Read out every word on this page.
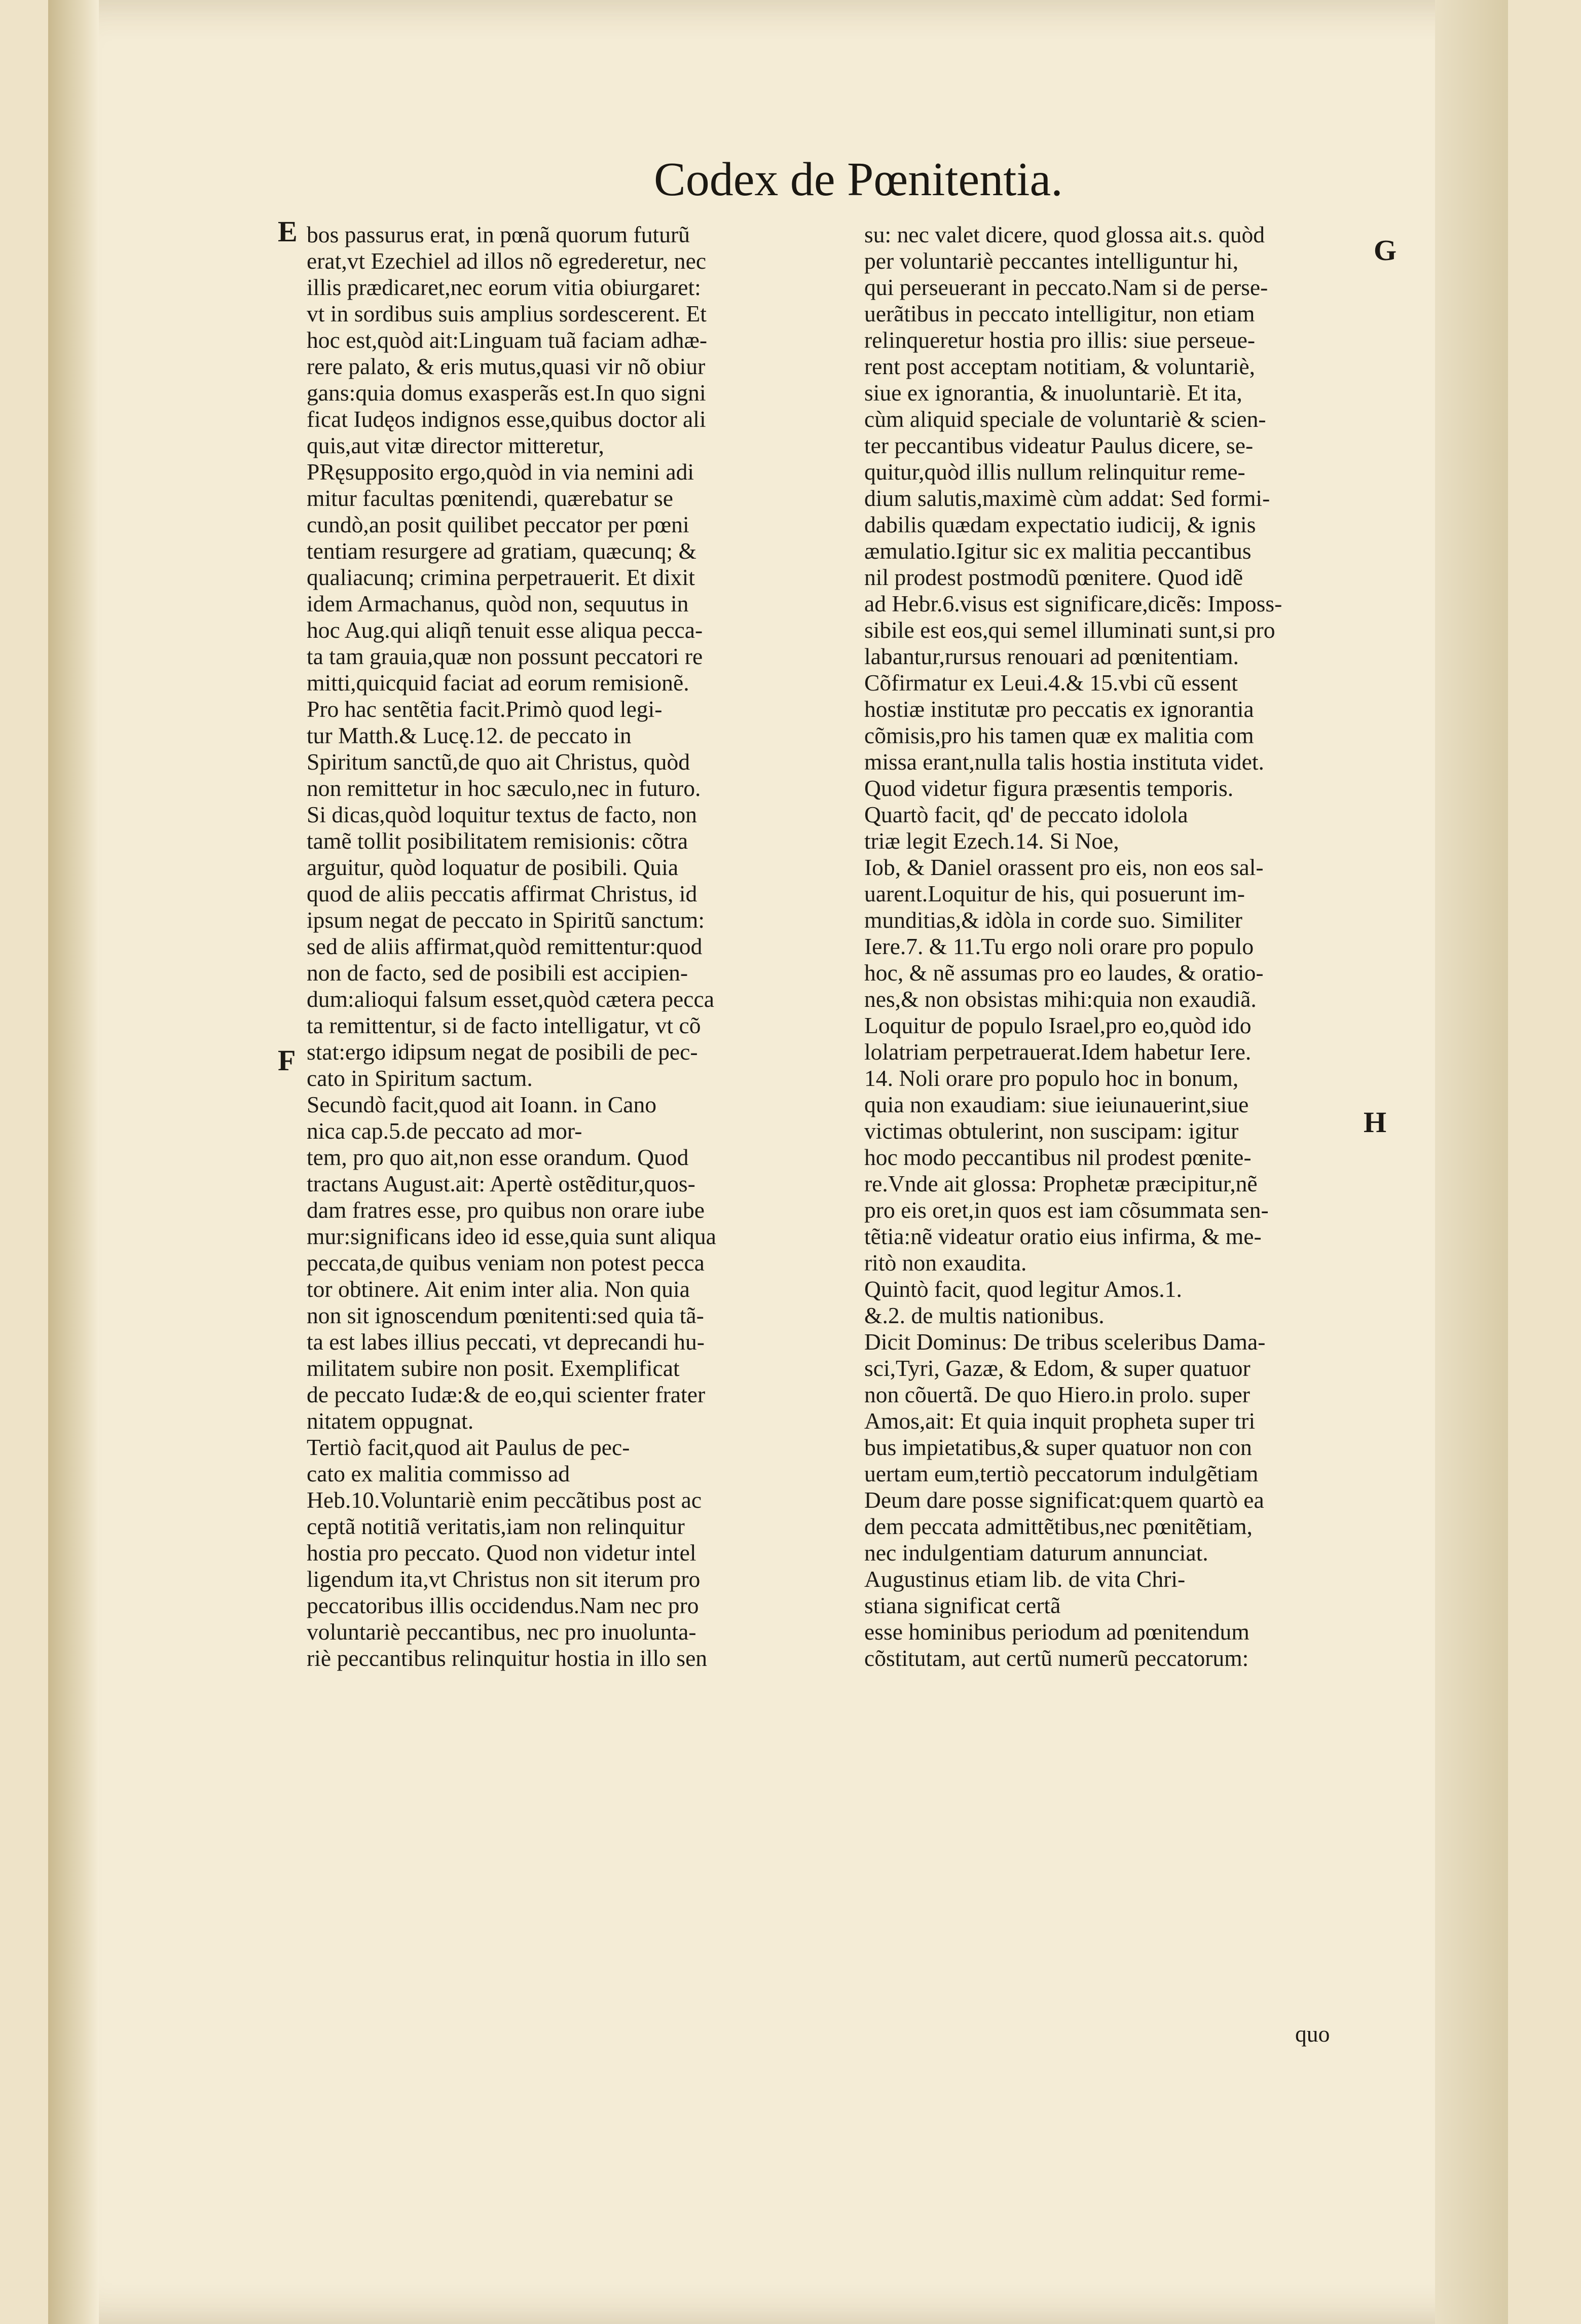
Codex de Pœnitentia.
E
F
G
H
bos passurus erat, in pœnã quorum futurũ
erat,vt Ezechiel ad illos nõ egrederetur, nec
illis prædicaret,nec eorum vitia obiurgaret:
vt in sordibus suis amplius sordescerent. Et
hoc est,quòd ait:Linguam tuã faciam adhæ-
rere palato, & eris mutus,quasi vir nõ obiur
gans:quia domus exasperãs est.In quo signi
ficat Iudęos indignos esse,quibus doctor ali
quis,aut vitæ director mitteretur,
PRęsupposito ergo,quòd in via nemini adi
mitur facultas pœnitendi, quærebatur se
cundò,an posit quilibet peccator per pœni
tentiam resurgere ad gratiam, quæcunq; &
qualiacunq; crimina perpetrauerit. Et dixit
idem Armachanus, quòd non, sequutus in
hoc Aug.qui aliqñ tenuit esse aliqua pecca-
ta tam grauia,quæ non possunt peccatori re
mitti,quicquid faciat ad eorum remisionẽ.
Pro hac sentẽtia facit.Primò quod legi-
tur Matth.& Lucę.12. de peccato in
Spiritum sanctũ,de quo ait Christus, quòd
non remittetur in hoc sæculo,nec in futuro.
Si dicas,quòd loquitur textus de facto, non
tamẽ tollit posibilitatem remisionis: cõtra
arguitur, quòd loquatur de posibili. Quia
quod de aliis peccatis affirmat Christus, id
ipsum negat de peccato in Spiritũ sanctum:
sed de aliis affirmat,quòd remittentur:quod
non de facto, sed de posibili est accipien-
dum:alioqui falsum esset,quòd cætera pecca
ta remittentur, si de facto intelligatur, vt cõ
stat:ergo idipsum negat de posibili de pec-
cato in Spiritum sactum.
Secundò facit,quod ait Ioann. in Cano
nica cap.5.de peccato ad mor-
tem, pro quo ait,non esse orandum. Quod
tractans August.ait: Apertè ostẽditur,quos-
dam fratres esse, pro quibus non orare iube
mur:significans ideo id esse,quia sunt aliqua
peccata,de quibus veniam non potest pecca
tor obtinere. Ait enim inter alia. Non quia
non sit ignoscendum pœnitenti:sed quia tã-
ta est labes illius peccati, vt deprecandi hu-
militatem subire non posit. Exemplificat
de peccato Iudæ:& de eo,qui scienter frater
nitatem oppugnat.
Tertiò facit,quod ait Paulus de pec-
cato ex malitia commisso ad
Heb.10.Voluntariè enim peccãtibus post ac
ceptã notitiã veritatis,iam non relinquitur
hostia pro peccato. Quod non videtur intel
ligendum ita,vt Christus non sit iterum pro
peccatoribus illis occidendus.Nam nec pro
voluntariè peccantibus, nec pro inuolunta-
riè peccantibus relinquitur hostia in illo sen
su: nec valet dicere, quod glossa ait.s. quòd
per voluntariè peccantes intelliguntur hi,
qui perseuerant in peccato.Nam si de perse-
uerãtibus in peccato intelligitur, non etiam
relinqueretur hostia pro illis: siue perseue-
rent post acceptam notitiam, & voluntariè,
siue ex ignorantia, & inuoluntariè. Et ita,
cùm aliquid speciale de voluntariè & scien-
ter peccantibus videatur Paulus dicere, se-
quitur,quòd illis nullum relinquitur reme-
dium salutis,maximè cùm addat: Sed formi-
dabilis quædam expectatio iudicij, & ignis
æmulatio.Igitur sic ex malitia peccantibus
nil prodest postmodũ pœnitere. Quod idẽ
ad Hebr.6.visus est significare,dicẽs: Imposs-
sibile est eos,qui semel illuminati sunt,si pro
labantur,rursus renouari ad pœnitentiam.
Cõfirmatur ex Leui.4.& 15.vbi cũ essent
hostiæ institutæ pro peccatis ex ignorantia
cõmisis,pro his tamen quæ ex malitia com
missa erant,nulla talis hostia instituta videt.
Quod videtur figura præsentis temporis.
Quartò facit, qd' de peccato idolola
triæ legit Ezech.14. Si Noe,
Iob, & Daniel orassent pro eis, non eos sal-
uarent.Loquitur de his, qui posuerunt im-
munditias,& idòla in corde suo. Similiter
Iere.7. & 11.Tu ergo noli orare pro populo
hoc, & nẽ assumas pro eo laudes, & oratio-
nes,& non obsistas mihi:quia non exaudiã.
Loquitur de populo Israel,pro eo,quòd ido
lolatriam perpetrauerat.Idem habetur Iere.
14. Noli orare pro populo hoc in bonum,
quia non exaudiam: siue ieiunauerint,siue
victimas obtulerint, non suscipam: igitur
hoc modo peccantibus nil prodest pœnite-
re.Vnde ait glossa: Prophetæ præcipitur,nẽ
pro eis oret,in quos est iam cõsummata sen-
tẽtia:nẽ videatur oratio eius infirma, & me-
ritò non exaudita.
Quintò facit, quod legitur Amos.1.
&.2. de multis nationibus.
Dicit Dominus: De tribus sceleribus Dama-
sci,Tyri, Gazæ, & Edom, & super quatuor
non cõuertã. De quo Hiero.in prolo. super
Amos,ait: Et quia inquit propheta super tri
bus impietatibus,& super quatuor non con
uertam eum,tertiò peccatorum indulgẽtiam
Deum dare posse significat:quem quartò ea
dem peccata admittẽtibus,nec pœnitẽtiam,
nec indulgentiam daturum annunciat.
Augustinus etiam lib. de vita Chri-
stiana significat certã
esse hominibus periodum ad pœnitendum
cõstitutam, aut certũ numerũ peccatorum:
quo
